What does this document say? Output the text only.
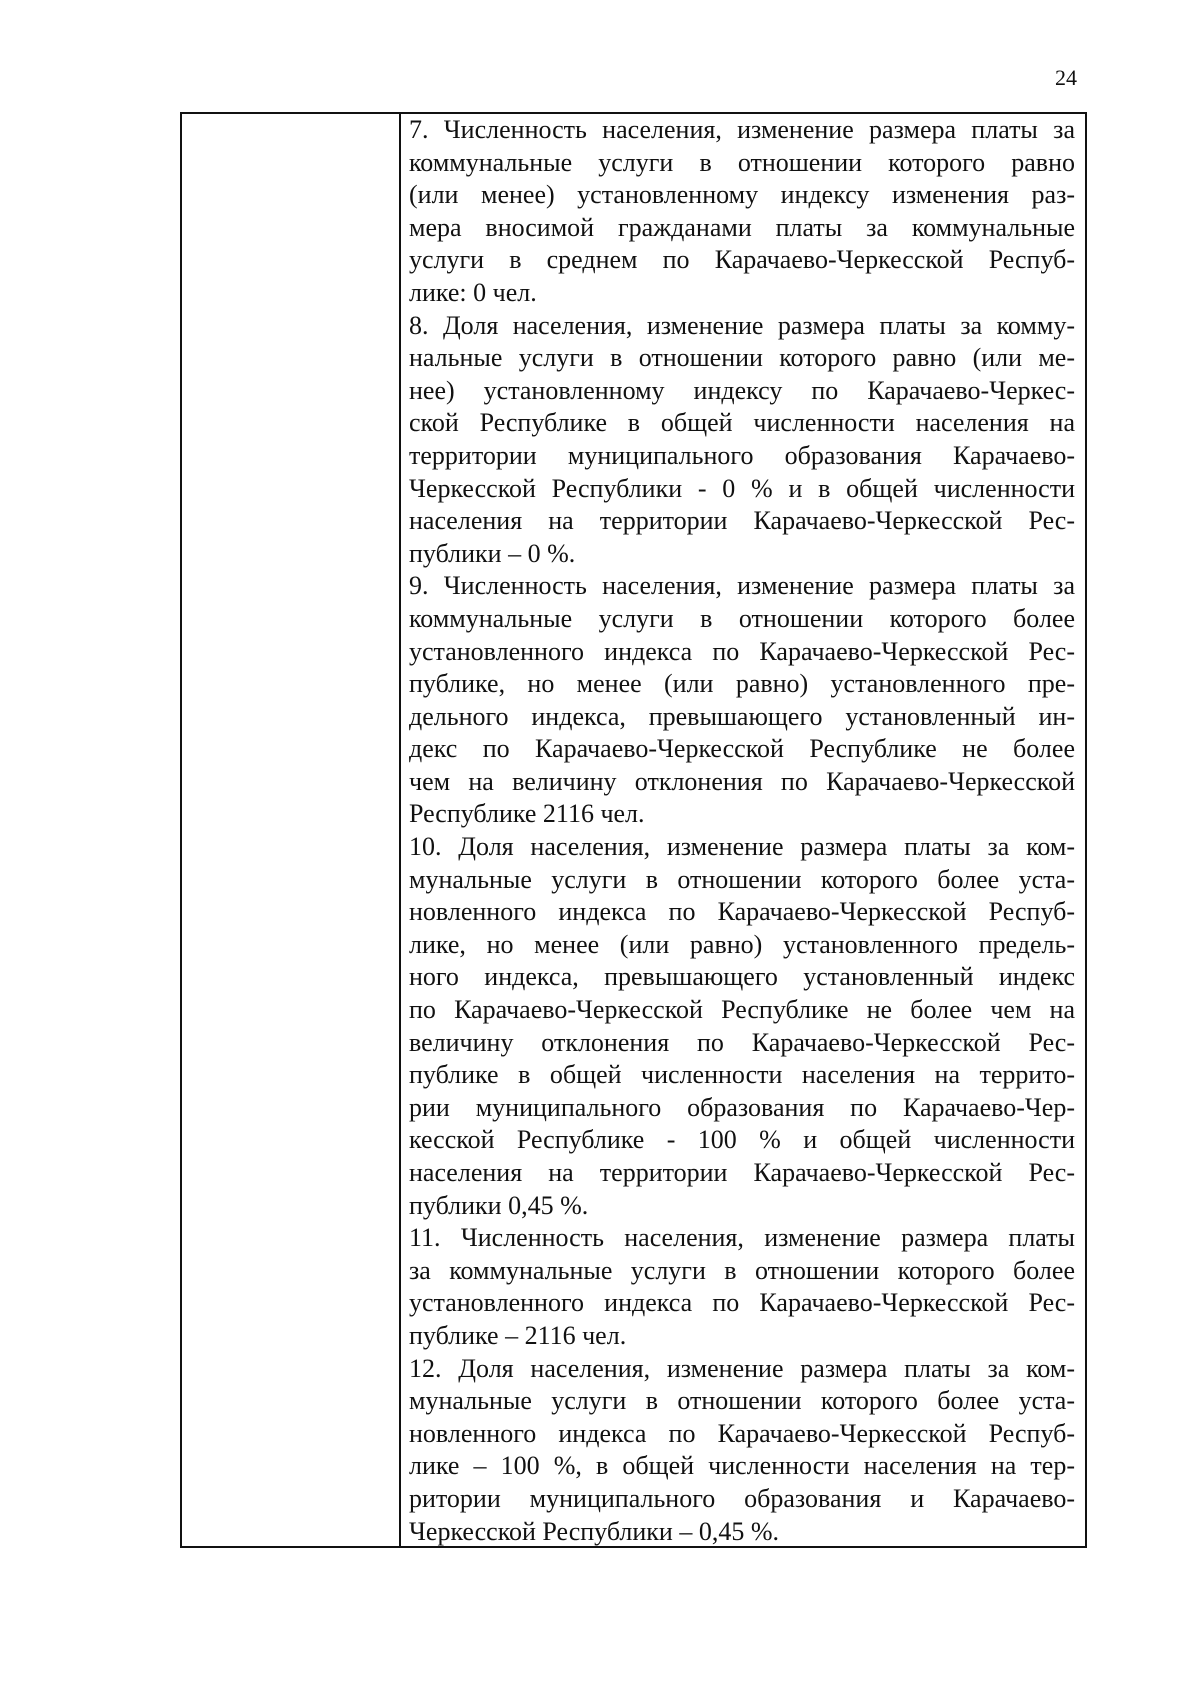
24
7. Численность населения, изменение размера платы за
коммунальные услуги в отношении которого равно
(или менее) установленному индексу изменения раз-
мера вносимой гражданами платы за коммунальные
услуги в среднем по Карачаево-Черкесской Респуб-
лике: 0 чел.
8. Доля населения, изменение размера платы за комму-
нальные услуги в отношении которого равно (или ме-
нее) установленному индексу по Карачаево-Черкес-
ской Республике в общей численности населения на
территории муниципального образования Карачаево-
Черкесской Республики - 0 % и в общей численности
населения на территории Карачаево-Черкесской Рес-
публики – 0 %.
9. Численность населения, изменение размера платы за
коммунальные услуги в отношении которого более
установленного индекса по Карачаево-Черкесской Рес-
публике, но менее (или равно) установленного пре-
дельного индекса, превышающего установленный ин-
декс по Карачаево-Черкесской Республике не более
чем на величину отклонения по Карачаево-Черкесской
Республике 2116 чел.
10. Доля населения, изменение размера платы за ком-
мунальные услуги в отношении которого более уста-
новленного индекса по Карачаево-Черкесской Респуб-
лике, но менее (или равно) установленного предель-
ного индекса, превышающего установленный индекс
по Карачаево-Черкесской Республике не более чем на
величину отклонения по Карачаево-Черкесской Рес-
публике в общей численности населения на террито-
рии муниципального образования по Карачаево-Чер-
кесской Республике - 100 % и общей численности
населения на территории Карачаево-Черкесской Рес-
публики 0,45 %.
11. Численность населения, изменение размера платы
за коммунальные услуги в отношении которого более
установленного индекса по Карачаево-Черкесской Рес-
публике – 2116 чел.
12. Доля населения, изменение размера платы за ком-
мунальные услуги в отношении которого более уста-
новленного индекса по Карачаево-Черкесской Респуб-
лике – 100 %, в общей численности населения на тер-
ритории муниципального образования и Карачаево-
Черкесской Республики – 0,45 %.
